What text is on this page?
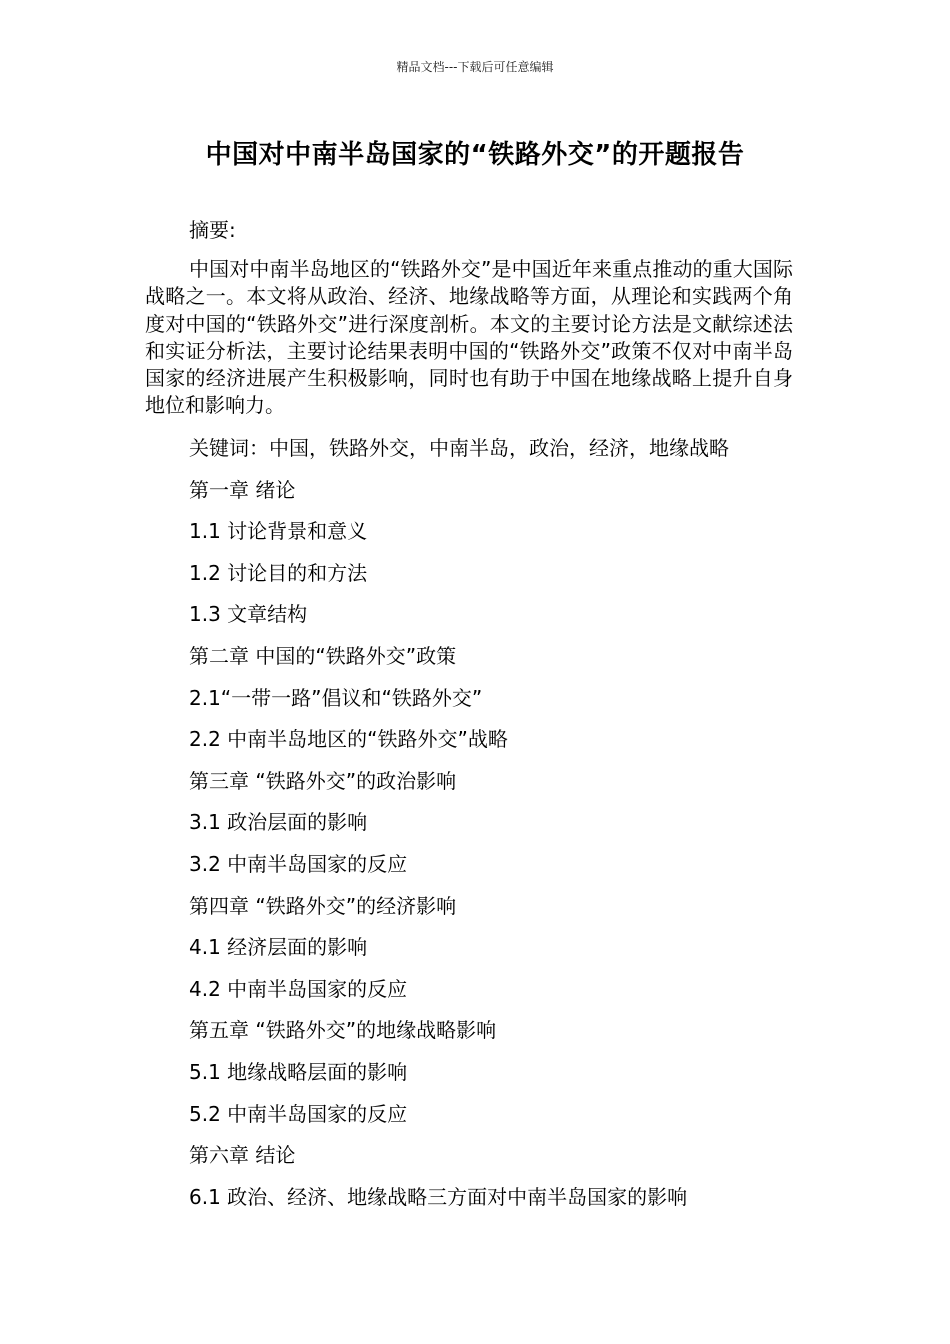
精品文档---下载后可任意编辑
中国对中南半岛国家的“铁路外交”的开题报告
摘要:

中国对中南半岛地区的“铁路外交”是中国近年来重点推动的重大国际战略之一。本文将从政治、经济、地缘战略等方面，从理论和实践两个角度对中国的“铁路外交”进行深度剖析。本文的主要讨论方法是文献综述法和实证分析法，主要讨论结果表明中国的“铁路外交”政策不仅对中南半岛国家的经济进展产生积极影响，同时也有助于中国在地缘战略上提升自身地位和影响力。

关键词：中国，铁路外交，中南半岛，政治，经济，地缘战略
第一章 绪论
1.1 讨论背景和意义
1.2 讨论目的和方法
1.3 文章结构
第二章 中国的“铁路外交”政策
2.1“一带一路”倡议和“铁路外交”
2.2 中南半岛地区的“铁路外交”战略
第三章 “铁路外交”的政治影响
3.1 政治层面的影响
3.2 中南半岛国家的反应
第四章 “铁路外交”的经济影响
4.1 经济层面的影响
4.2 中南半岛国家的反应
第五章 “铁路外交”的地缘战略影响
5.1 地缘战略层面的影响
5.2 中南半岛国家的反应
第六章 结论
6.1 政治、经济、地缘战略三方面对中南半岛国家的影响
